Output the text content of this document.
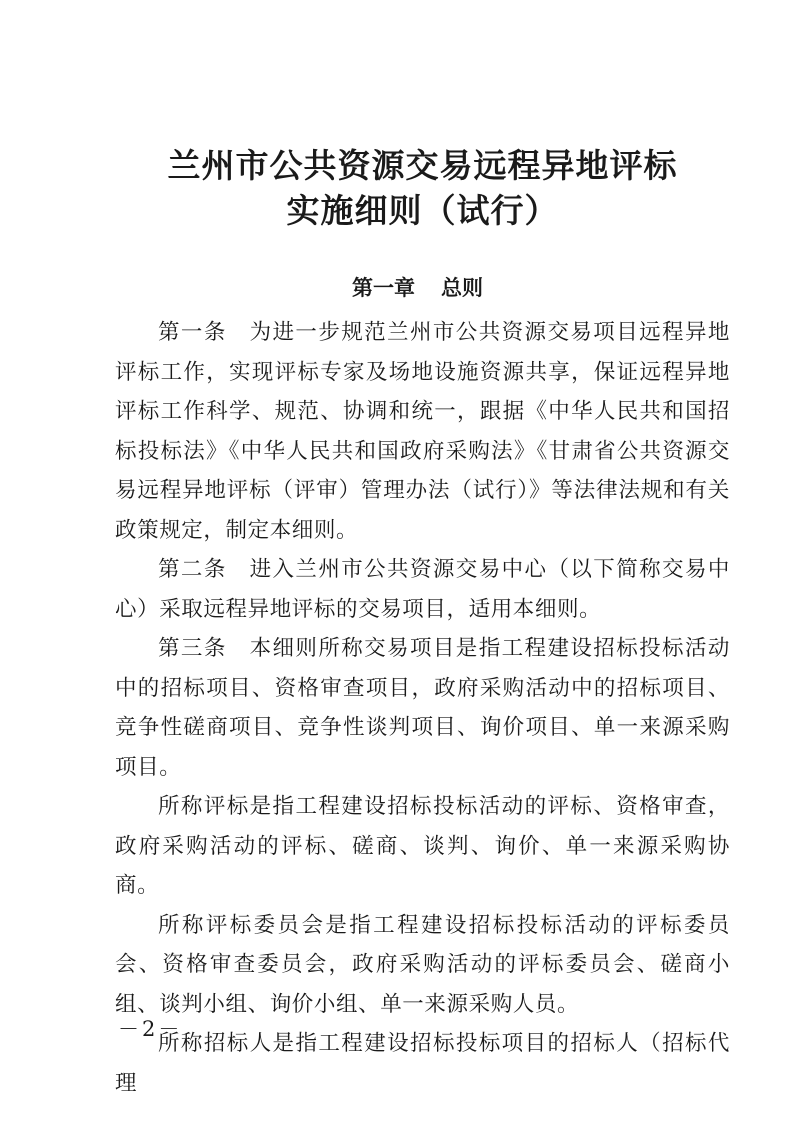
兰州市公共资源交易远程异地评标
实施细则（试行）
第一章 总则

第一条 为进一步规范兰州市公共资源交易项目远程异地评标工作，实现评标专家及场地设施资源共享，保证远程异地评标工作科学、规范、协调和统一，跟据《中华人民共和国招标投标法》《中华人民共和国政府采购法》《甘肃省公共资源交易远程异地评标（评审）管理办法（试行）》等法律法规和有关政策规定，制定本细则。

第二条 进入兰州市公共资源交易中心（以下简称交易中心）采取远程异地评标的交易项目，适用本细则。

第三条 本细则所称交易项目是指工程建设招标投标活动中的招标项目、资格审查项目，政府采购活动中的招标项目、竞争性磋商项目、竞争性谈判项目、询价项目、单一来源采购项目。

所称评标是指工程建设招标投标活动的评标、资格审查，政府采购活动的评标、磋商、谈判、询价、单一来源采购协商。

所称评标委员会是指工程建设招标投标活动的评标委员会、资格审查委员会，政府采购活动的评标委员会、磋商小组、谈判小组、询价小组、单一来源采购人员。

所称招标人是指工程建设招标投标项目的招标人（招标代理

－2－
